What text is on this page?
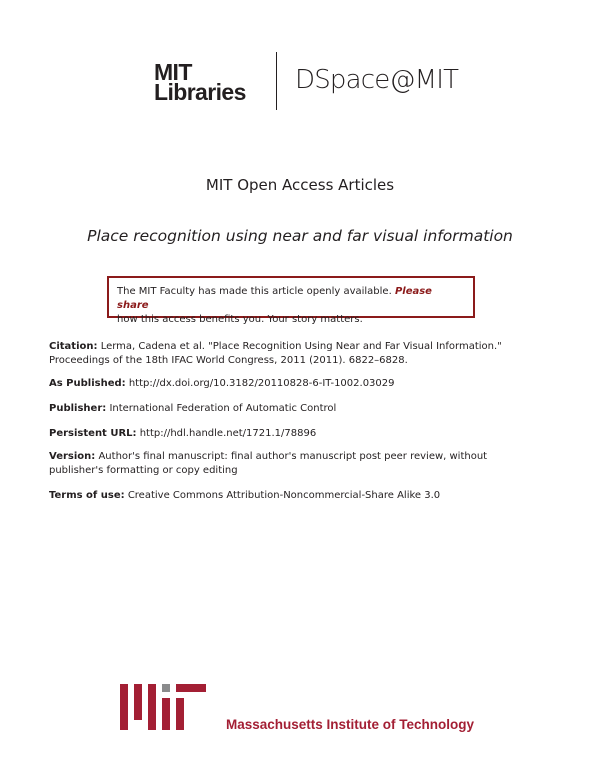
MIT
Libraries DSpace@MIT
MIT Open Access Articles
Place recognition using near and far visual information
The MIT Faculty has made this article openly available. Please share
how this access benefits you. Your story matters.
Citation: Lerma, Cadena et al. "Place Recognition Using Near and Far Visual Information."
Proceedings of the 18th IFAC World Congress, 2011 (2011). 6822–6828.
As Published: http://dx.doi.org/10.3182/20110828-6-IT-1002.03029
Publisher: International Federation of Automatic Control
Persistent URL: http://hdl.handle.net/1721.1/78896
Version: Author's final manuscript: final author's manuscript post peer review, without
publisher's formatting or copy editing
Terms of use: Creative Commons Attribution-Noncommercial-Share Alike 3.0
Massachusetts Institute of Technology
